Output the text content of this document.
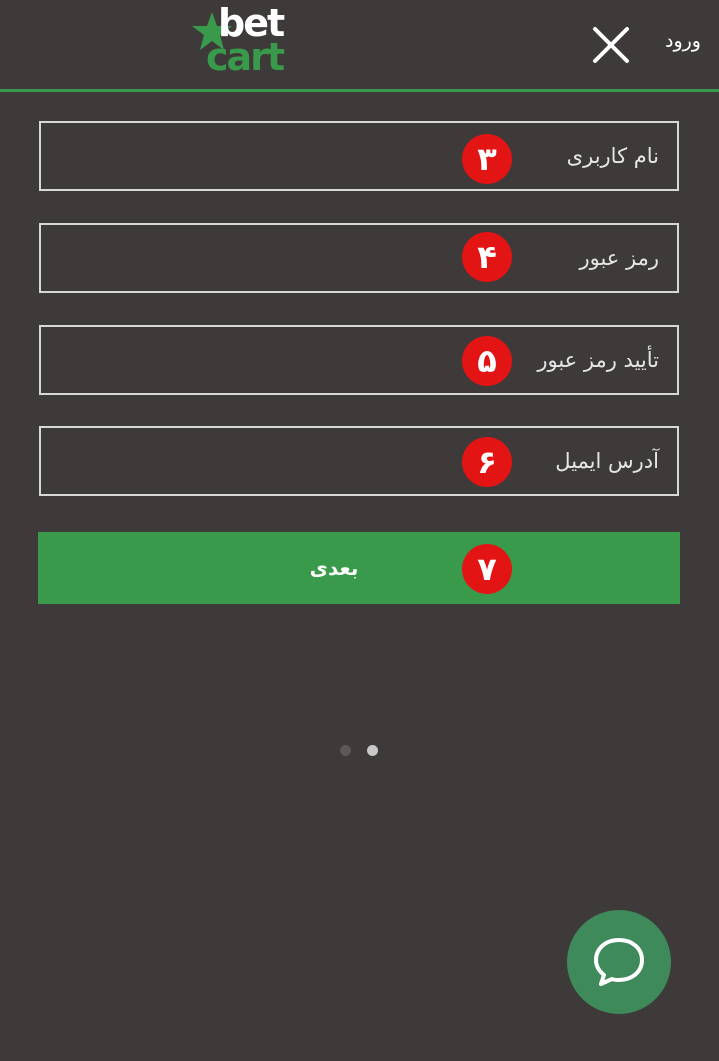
bet
cart	ورود
نام کاربری
۳
رمز عبور
۴
تأیید رمز عبور
۵
آدرس ایمیل
۶
بعدی	۷
